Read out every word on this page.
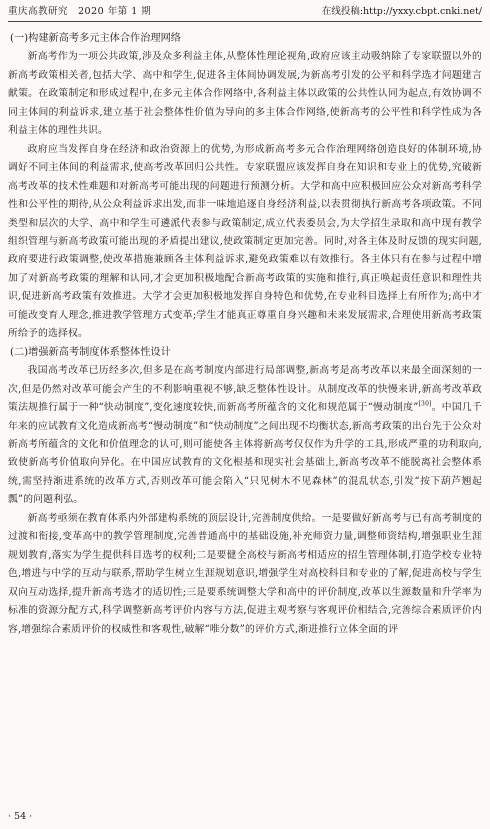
重庆高教研究　2020 年第 1 期	在线投稿:http://yxxy.cbpt.cnki.net/
(一)构建新高考多元主体合作治理网络

新高考作为一项公共政策,涉及众多利益主体,从整体性理论视角,政府应该主动吸纳除了专家联盟以外的新高考政策相关者,包括大学、高中和学生,促进各主体间协调发展,为新高考引发的公平和科学选才问题建言献策。在政策制定和形成过程中,在多元主体合作网络中,各利益主体以政策的公共性认同为起点,有效协调不同主体间的利益诉求,建立基于社会整体性价值为导向的多主体合作网络,使新高考的公平性和科学性成为各利益主体的理性共识。

政府应当发挥自身在经济和政治资源上的优势,为形成新高考多元合作治理网络创造良好的体制环境,协调好不同主体间的利益需求,使高考改革回归公共性。专家联盟应该发挥自身在知识和专业上的优势,究破新高考改革的技术性难题和对新高考可能出现的问题进行预测分析。大学和高中应积极回应公众对新高考科学性和公平性的期待,从公众利益诉求出发,而非一味地追逐自身经济利益,以表贯彻执行新高考各项政策。不同类型和层次的大学、高中和学生可遴派代表参与政策制定,成立代表委员会,为大学招生录取和高中现有教学组织管理与新高考政策可能出现的矛盾提出建议,使政策制定更加完善。同时,对各主体及时反馈的现实问题,政府要进行政策调整,使改革措施兼顾各主体利益诉求,避免政策难以有效推行。各主体只有在参与过程中增加了对新高考政策的理解和认同,才会更加积极地配合新高考政策的实施和推行,真正唤起责任意识和理性共识,促进新高考政策有效推进。大学才会更加积极地发挥自身特色和优势,在专业科目选择上有所作为;高中才可能改变育人理念,推进教学管理方式变革;学生才能真正尊重自身兴趣和未来发展需求,合理使用新高考政策所给予的选择权。

(二)增强新高考制度体系整体性设计

我国高考改革已历经多次,但多是在高考制度内部进行局部调整,新高考是高考改革以来最全面深刻的一次,但是仍然对改革可能会产生的不利影响重视不够,缺乏整体性设计。从制度改革的快慢来讲,新高考改革政策法规推行属于一种“快动制度”,变化速度较快,而新高考所蕴含的文化和规范属于“慢动制度”[30]。中国几千年来的应试教育文化造成新高考“慢动制度”和“快动制度”之间出现不均衡状态,新高考政策的出台先于公众对新高考所蕴含的文化和价值理念的认可,则可能使各主体将新高考仅仅作为升学的工具,形成严重的功利取向,致使新高考价值取向异化。在中国应试教育的文化根基和现实社会基础上,新高考改革不能脱离社会整体系统,需坚持渐进系统的改革方式,否则改革可能会陷入“只见树木不见森林”的混乱状态,引发“按下葫芦翘起瓢”的问题利弘。

新高考亟须在教育体系内外部建构系统的顶层设计,完善制度供给。一是要做好新高考与已有高考制度的过渡和衔接,变革高中的教学管理制度,完善普通高中的基础设施,补充师资力量,调整师资结构,增强职业生涯规划教育,落实为学生提供科目选考的权利;二是要健全高校与新高考相适应的招生管理体制,打造学校专业特色,增进与中学的互动与联系,帮助学生树立生涯规划意识,增强学生对高校科目和专业的了解,促进高校与学生双向互动选择,提升新高考选才的适切性;三是要系统调整大学和高中的评价制度,改革以生源数量和升学率为标准的资源分配方式,科学调整新高考评价内容与方法,促进主观考察与客观评价相结合,完善综合素质评价内容,增强综合素质评价的权威性和客观性,破解“唯分数”的评价方式,渐进推行立体全面的评

· 54 ·
